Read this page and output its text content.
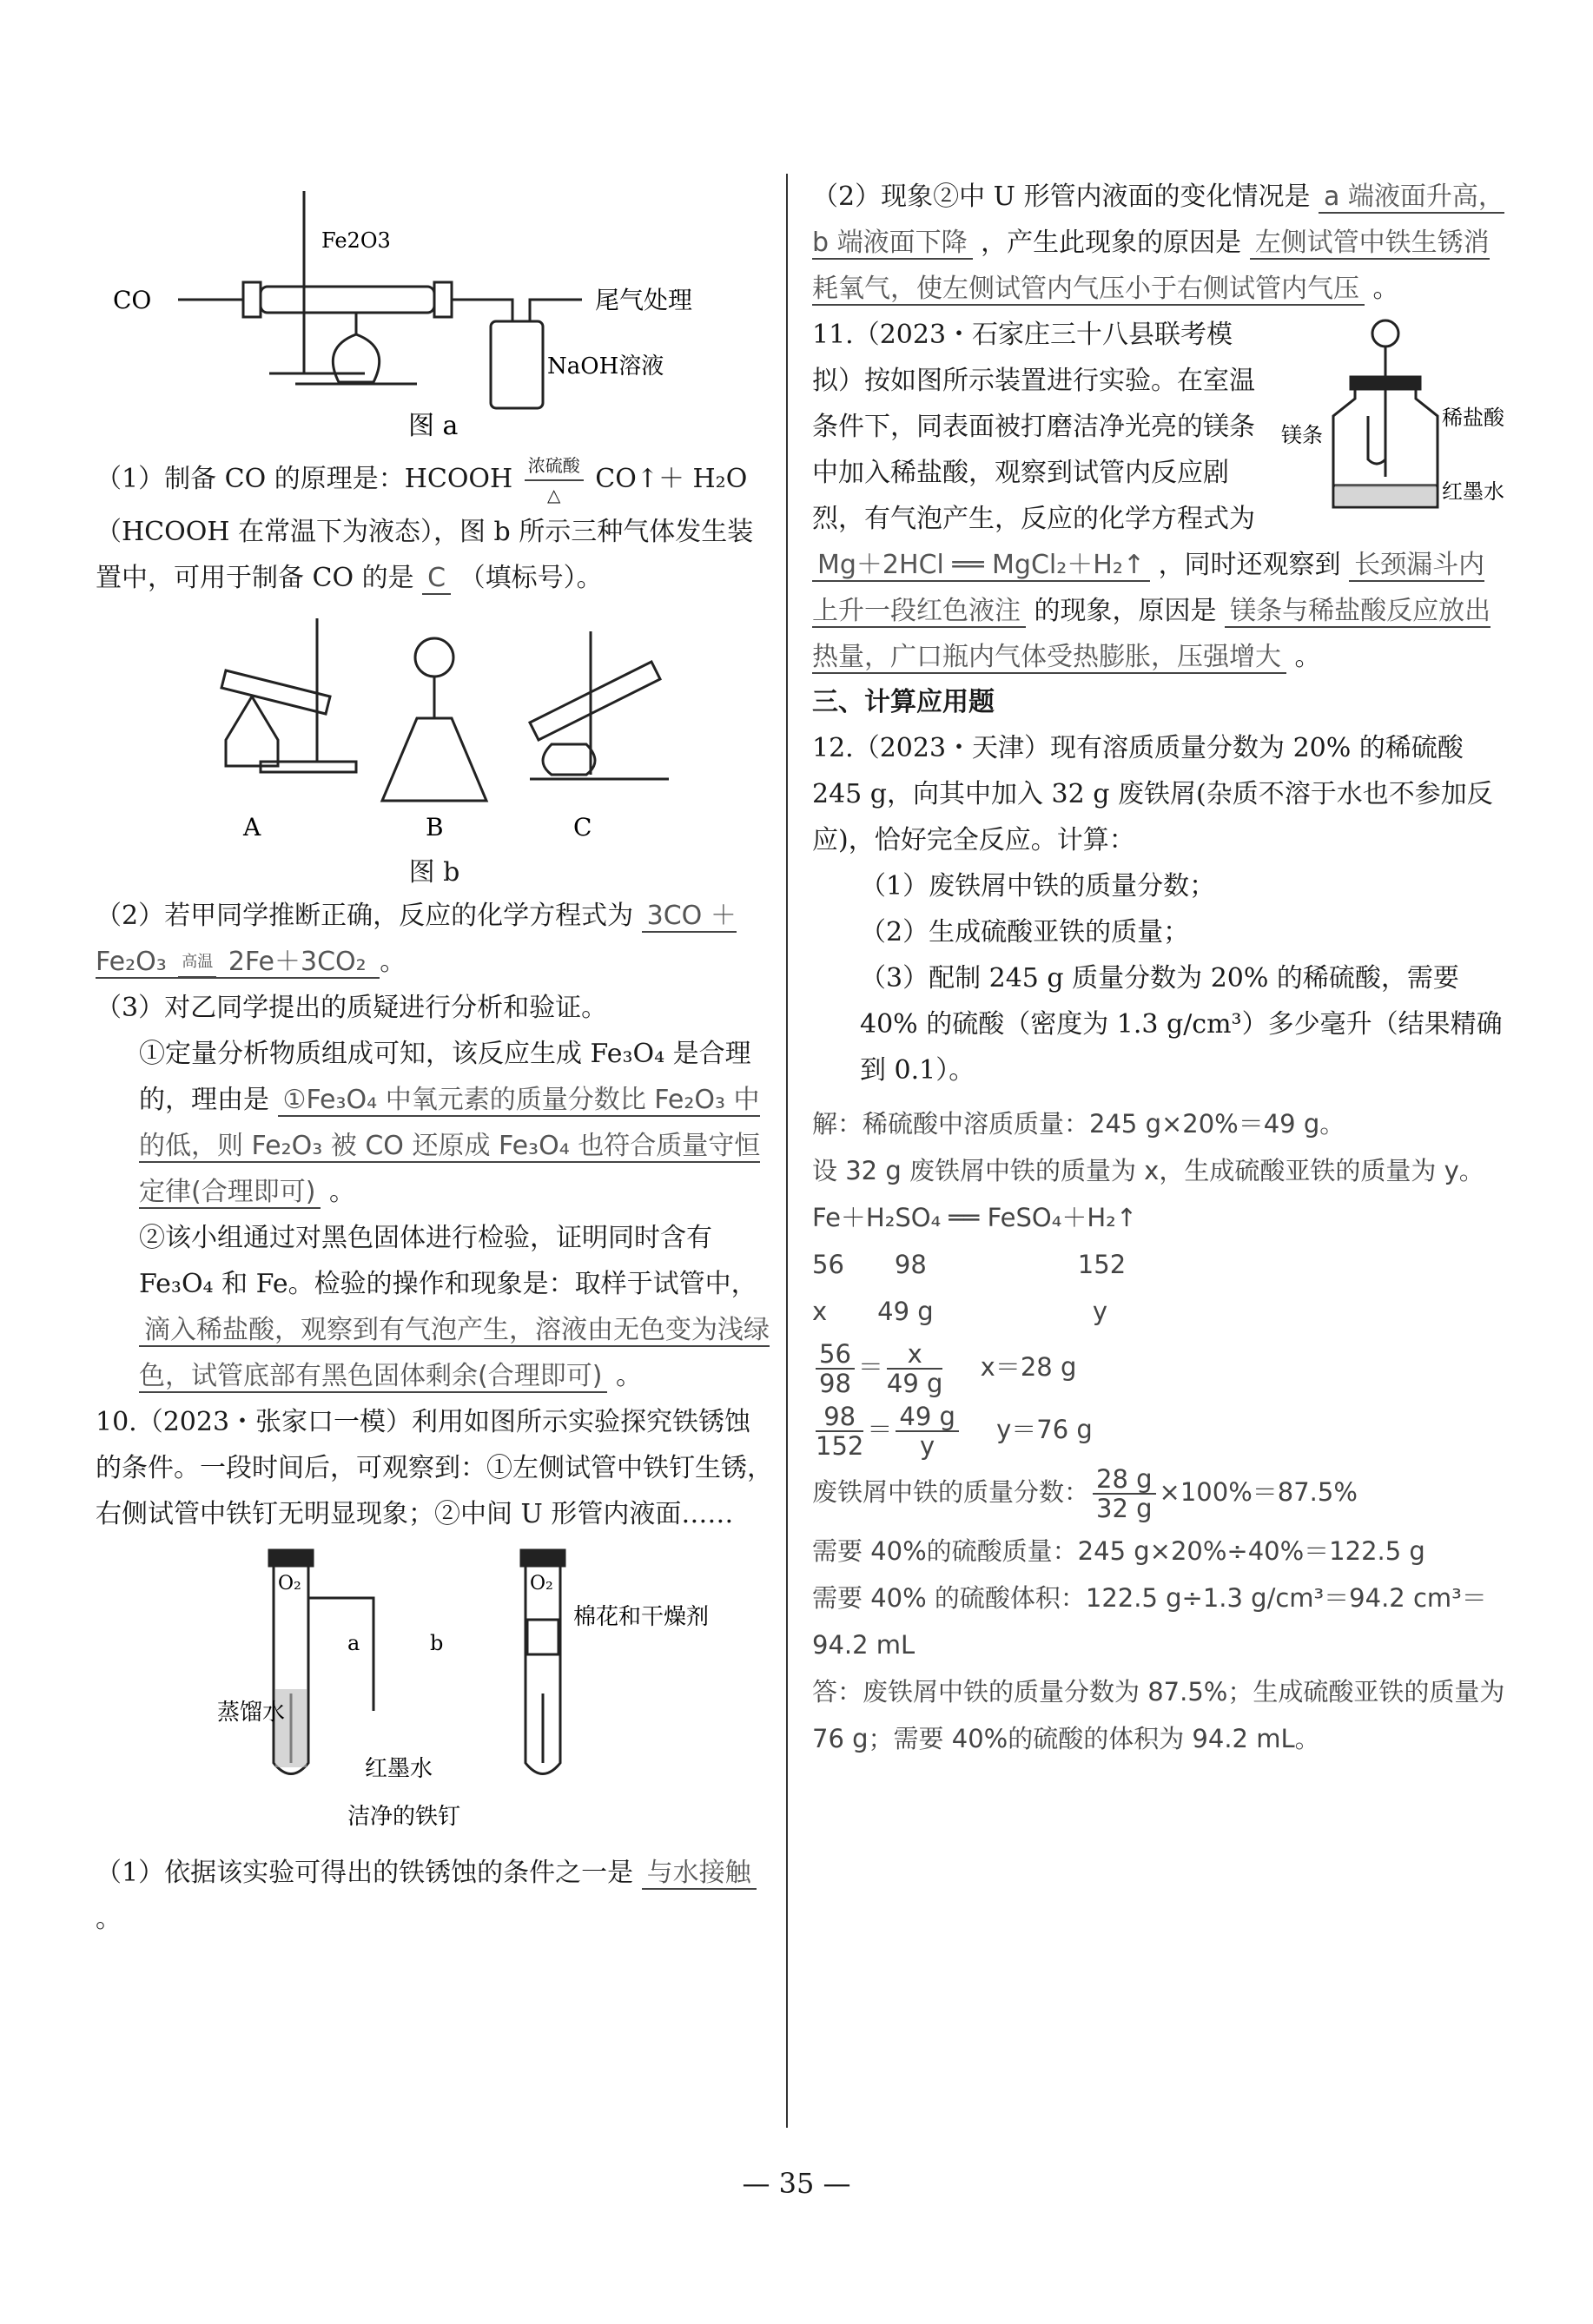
CO
Fe2O3
尾气处理
NaOH溶液
图 a

（1）制备 CO 的原理是：HCOOH $\frac{\text{浓硫酸}}{\triangle}$ CO↑＋ H₂O（HCOOH 在常温下为液态），图 b 所示三种气体发生装置中，可用于制备 CO 的是 C （填标号）。

A	B	C
图 b

（2）若甲同学推断正确，反应的化学方程式为 3CO ＋Fe₂O₃ 高温 2Fe＋3CO₂ 。

（3）对乙同学提出的质疑进行分析和验证。

①定量分析物质组成可知，该反应生成 Fe₃O₄ 是合理的，理由是 ①Fe₃O₄ 中氧元素的质量分数比 Fe₂O₃ 中的低，则 Fe₂O₃ 被 CO 还原成 Fe₃O₄ 也符合质量守恒定律(合理即可) 。

②该小组通过对黑色固体进行检验，证明同时含有 Fe₃O₄ 和 Fe。检验的操作和现象是：取样于试管中， 滴入稀盐酸，观察到有气泡产生，溶液由无色变为浅绿色，试管底部有黑色固体剩余(合理即可) 。

10.（2023・张家口一模）利用如图所示实验探究铁锈蚀的条件。一段时间后，可观察到：①左侧试管中铁钉生锈，右侧试管中铁钉无明显现象；②中间 U 形管内液面……

O₂	O₂
a	b
蒸馏水
棉花和干燥剂
红墨水
洁净的铁钉

（1）依据该实验可得出的铁锈蚀的条件之一是 与水接触 。

（2）现象②中 U 形管内液面的变化情况是 a 端液面升高，b 端液面下降 ，产生此现象的原因是 左侧试管中铁生锈消耗氧气，使左侧试管内气压小于右侧试管内气压 。

镁条
稀盐酸
红墨水

11.（2023・石家庄三十八县联考模拟）按如图所示装置进行实验。在室温条件下，同表面被打磨洁净光亮的镁条中加入稀盐酸，观察到试管内反应剧烈，有气泡产生，反应的化学方程式为 Mg＋2HCl ══ MgCl₂＋H₂↑ ，同时还观察到 长颈漏斗内上升一段红色液注 的现象，原因是 镁条与稀盐酸反应放出热量，广口瓶内气体受热膨胀，压强增大 。

三、计算应用题

12.（2023・天津）现有溶质质量分数为 20% 的稀硫酸 245 g，向其中加入 32 g 废铁屑(杂质不溶于水也不参加反应)，恰好完全反应。计算：

（1）废铁屑中铁的质量分数；

（2）生成硫酸亚铁的质量；

（3）配制 245 g 质量分数为 20% 的稀硫酸，需要 40% 的硫酸（密度为 1.3 g/cm³）多少毫升（结果精确到 0.1）。

解：稀硫酸中溶质质量：245 g×20%＝49 g。
设 32 g 废铁屑中铁的质量为 x，生成硫酸亚铁的质量为 y。
Fe＋H₂SO₄ ══ FeSO₄＋H₂↑
56　　98　　　　　　152
x　　49 g　　　　　　 y
$\frac{56}{98} = \frac{x}{49 g} x=28$ g
$\frac{98}{152} = \frac{49 g}{y} y=76$ g
废铁屑中铁的质量分数： $\frac{28 g}{32 g} \times 100\%=87.5\%$
需要 40%的硫酸质量：245 g×20%÷40%＝122.5 g
需要 40% 的硫酸体积：122.5 g÷1.3 g/cm³＝94.2 cm³＝94.2 mL
答：废铁屑中铁的质量分数为 87.5%；生成硫酸亚铁的质量为 76 g；需要 40%的硫酸的体积为 94.2 mL。
— 35 —
